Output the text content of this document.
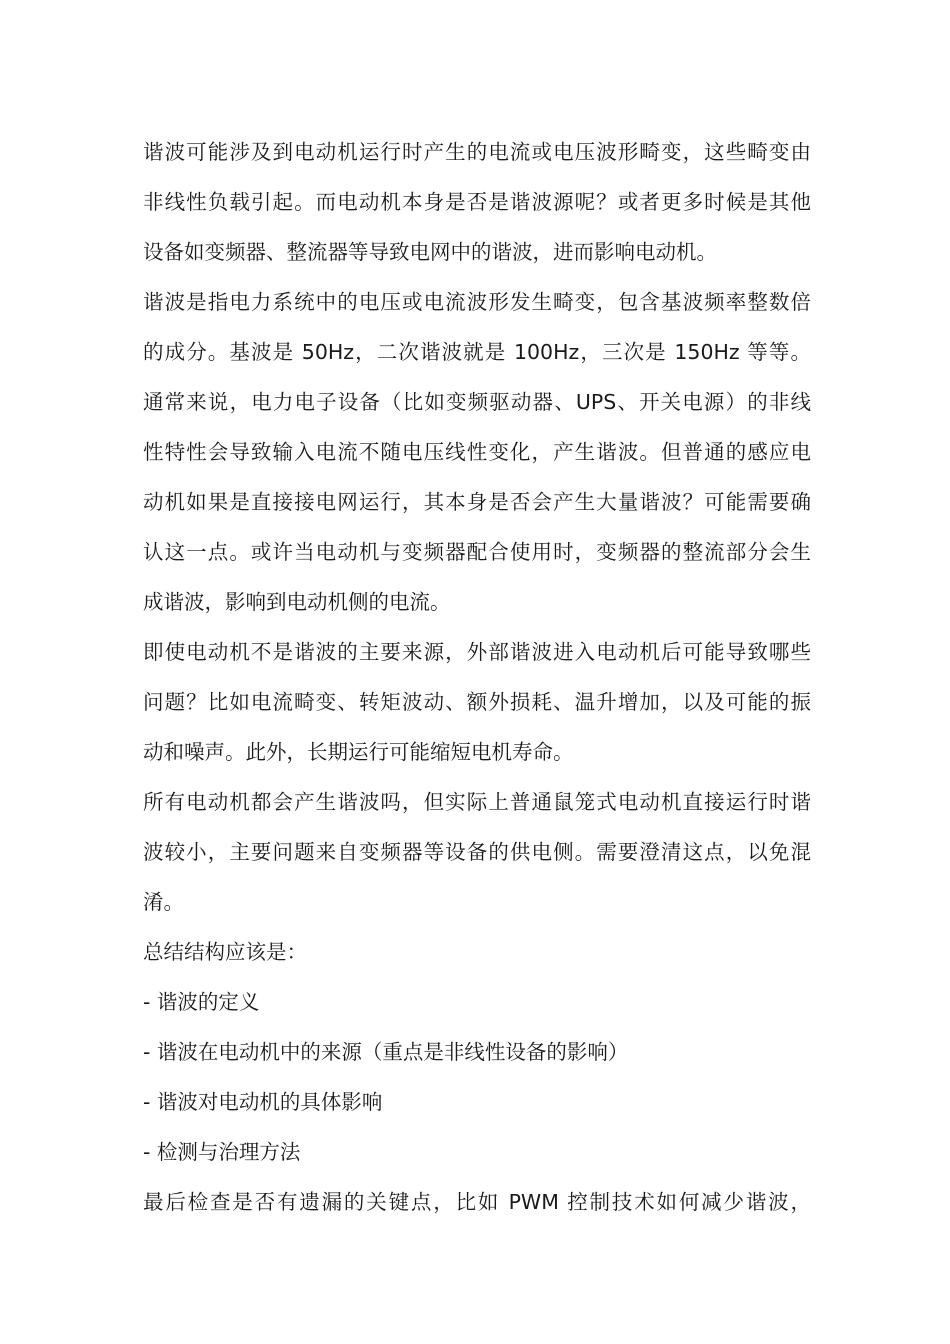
谐波可能涉及到电动机运行时产生的电流或电压波形畸变，这些畸变由
非线性负载引起。而电动机本身是否是谐波源呢？或者更多时候是其他
设备如变频器、整流器等导致电网中的谐波，进而影响电动机。
谐波是指电力系统中的电压或电流波形发生畸变，包含基波频率整数倍
的成分。基波是 50Hz，二次谐波就是 100Hz，三次是 150Hz 等等。
通常来说，电力电子设备（比如变频驱动器、UPS、开关电源）的非线
性特性会导致输入电流不随电压线性变化，产生谐波。但普通的感应电
动机如果是直接接电网运行，其本身是否会产生大量谐波？可能需要确
认这一点。或许当电动机与变频器配合使用时，变频器的整流部分会生
成谐波，影响到电动机侧的电流。
即使电动机不是谐波的主要来源，外部谐波进入电动机后可能导致哪些
问题？比如电流畸变、转矩波动、额外损耗、温升增加，以及可能的振
动和噪声。此外，长期运行可能缩短电机寿命。
所有电动机都会产生谐波吗，但实际上普通鼠笼式电动机直接运行时谐
波较小，主要问题来自变频器等设备的供电侧。需要澄清这点，以免混
淆。
总结结构应该是：
- 谐波的定义
- 谐波在电动机中的来源（重点是非线性设备的影响）
- 谐波对电动机的具体影响
- 检测与治理方法
最后检查是否有遗漏的关键点，比如 PWM 控制技术如何减少谐波，
